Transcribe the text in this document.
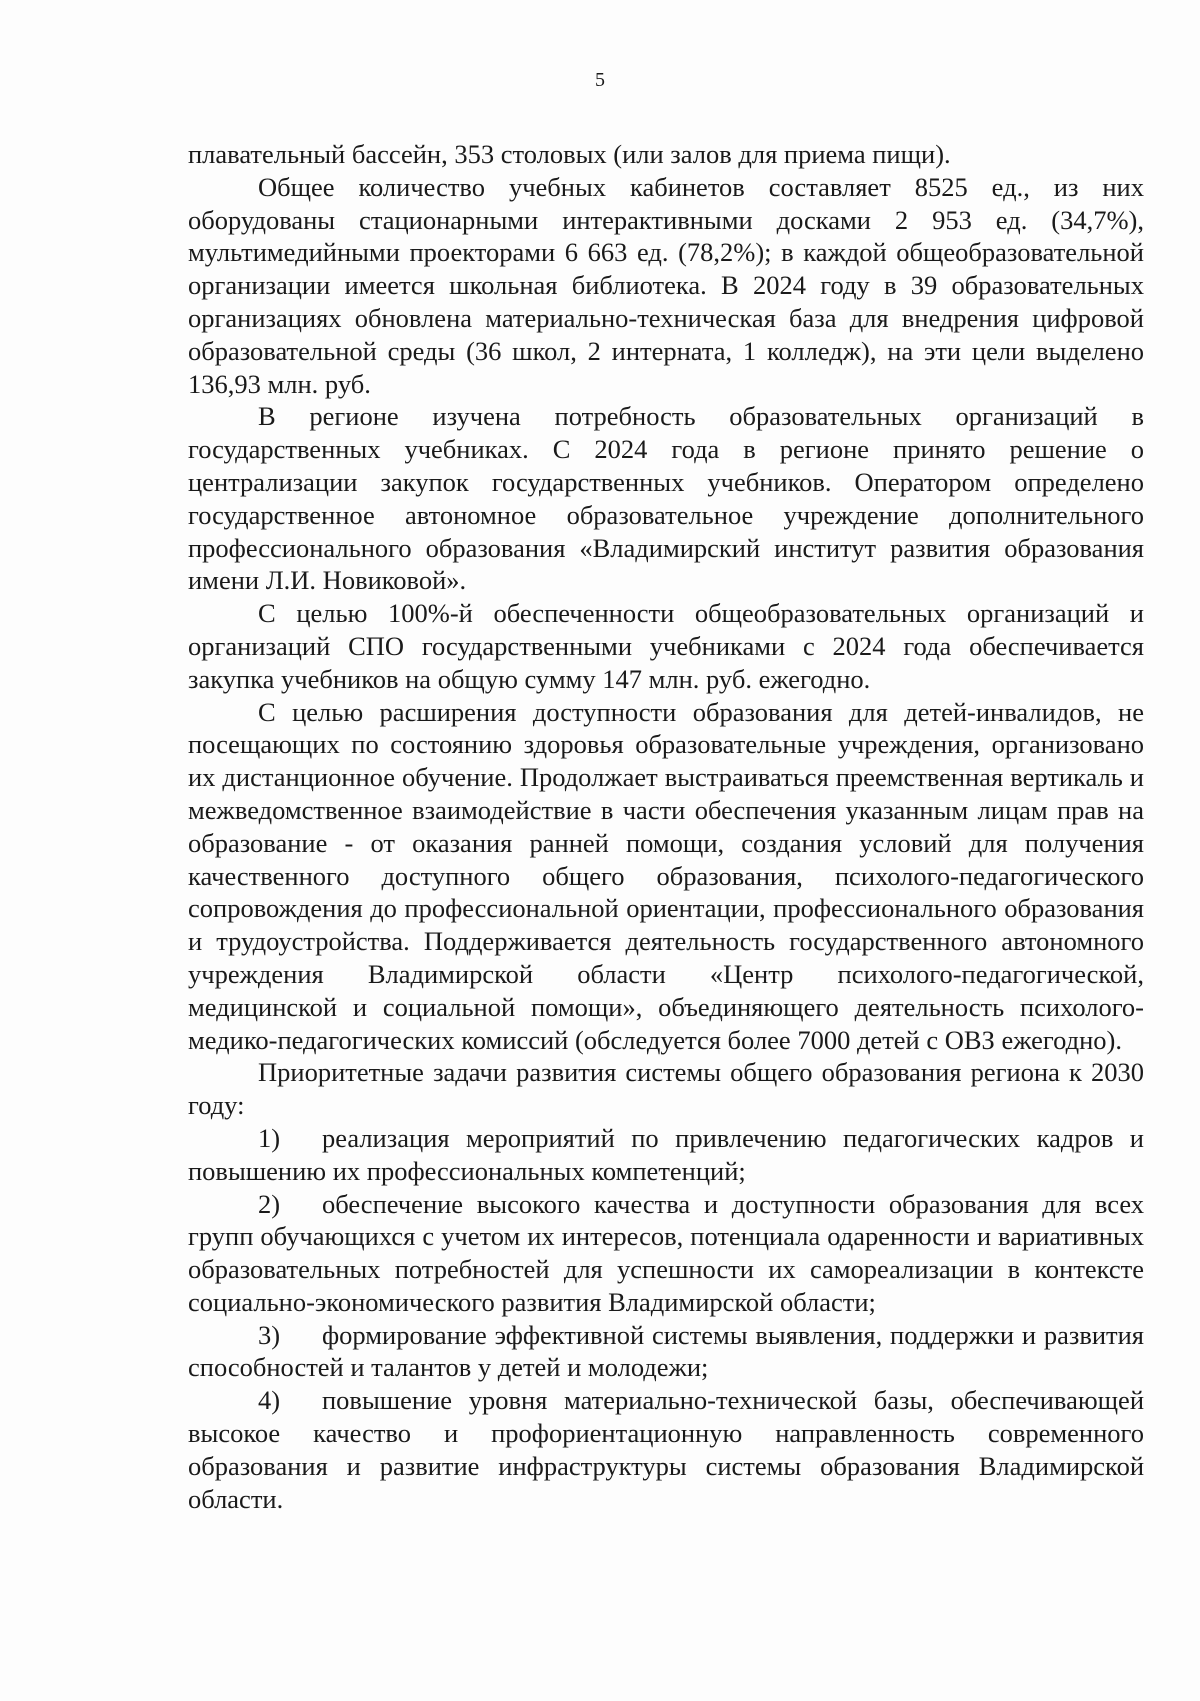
5

плавательный бассейн, 353 столовых (или залов для приема пищи).

Общее количество учебных кабинетов составляет 8525 ед., из них оборудованы стационарными интерактивными досками 2 953 ед. (34,7%), мультимедийными проекторами 6 663 ед. (78,2%); в каждой общеобразовательной организации имеется школьная библиотека. В 2024 году в 39 образовательных организациях обновлена материально-техническая база для внедрения цифровой образовательной среды (36 школ, 2 интерната, 1 колледж), на эти цели выделено 136,93 млн. руб.

В регионе изучена потребность образовательных организаций в государственных учебниках. С 2024 года в регионе принято решение о централизации закупок государственных учебников. Оператором определено государственное автономное образовательное учреждение дополнительного профессионального образования «Владимирский институт развития образования имени Л.И. Новиковой».

С целью 100%-й обеспеченности общеобразовательных организаций и организаций СПО государственными учебниками с 2024 года обеспечивается закупка учебников на общую сумму 147 млн. руб. ежегодно.

С целью расширения доступности образования для детей-инвалидов, не посещающих по состоянию здоровья образовательные учреждения, организовано их дистанционное обучение. Продолжает выстраиваться преемственная вертикаль и межведомственное взаимодействие в части обеспечения указанным лицам прав на образование - от оказания ранней помощи, создания условий для получения качественного доступного общего образования, психолого-педагогического сопровождения до профессиональной ориентации, профессионального образования и трудоустройства. Поддерживается деятельность государственного автономного учреждения Владимирской области «Центр психолого-педагогической, медицинской и социальной помощи», объединяющего деятельность психолого-медико-педагогических комиссий (обследуется более 7000 детей с ОВЗ ежегодно).

Приоритетные задачи развития системы общего образования региона к 2030 году:

1) реализация мероприятий по привлечению педагогических кадров и повышению их профессиональных компетенций;

2) обеспечение высокого качества и доступности образования для всех групп обучающихся с учетом их интересов, потенциала одаренности и вариативных образовательных потребностей для успешности их самореализации в контексте социально-экономического развития Владимирской области;

3) формирование эффективной системы выявления, поддержки и развития способностей и талантов у детей и молодежи;

4) повышение уровня материально-технической базы, обеспечивающей высокое качество и профориентационную направленность современного образования и развитие инфраструктуры системы образования Владимирской области.
